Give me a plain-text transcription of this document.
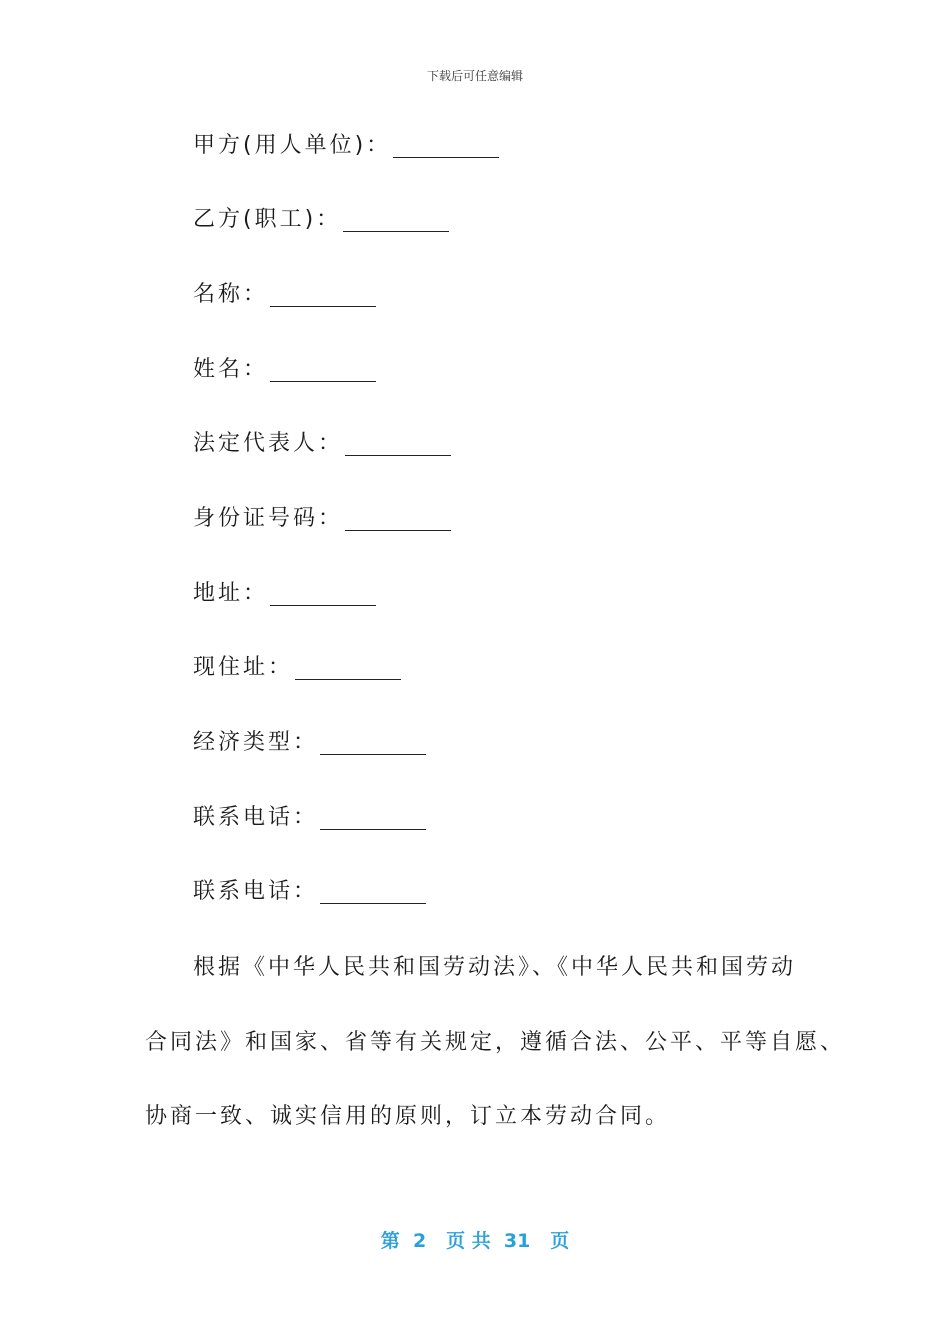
下载后可任意编辑
甲方(用人单位)：
乙方(职工)：
名称：
姓名：
法定代表人：
身份证号码：
地址：
现住址：
经济类型：
联系电话：
联系电话：
根据《中华人民共和国劳动法》、《中华人民共和国劳动
合同法》和国家、省等有关规定，遵循合法、公平、平等自愿、
协商一致、诚实信用的原则，订立本劳动合同。
第  2   页 共  31   页
